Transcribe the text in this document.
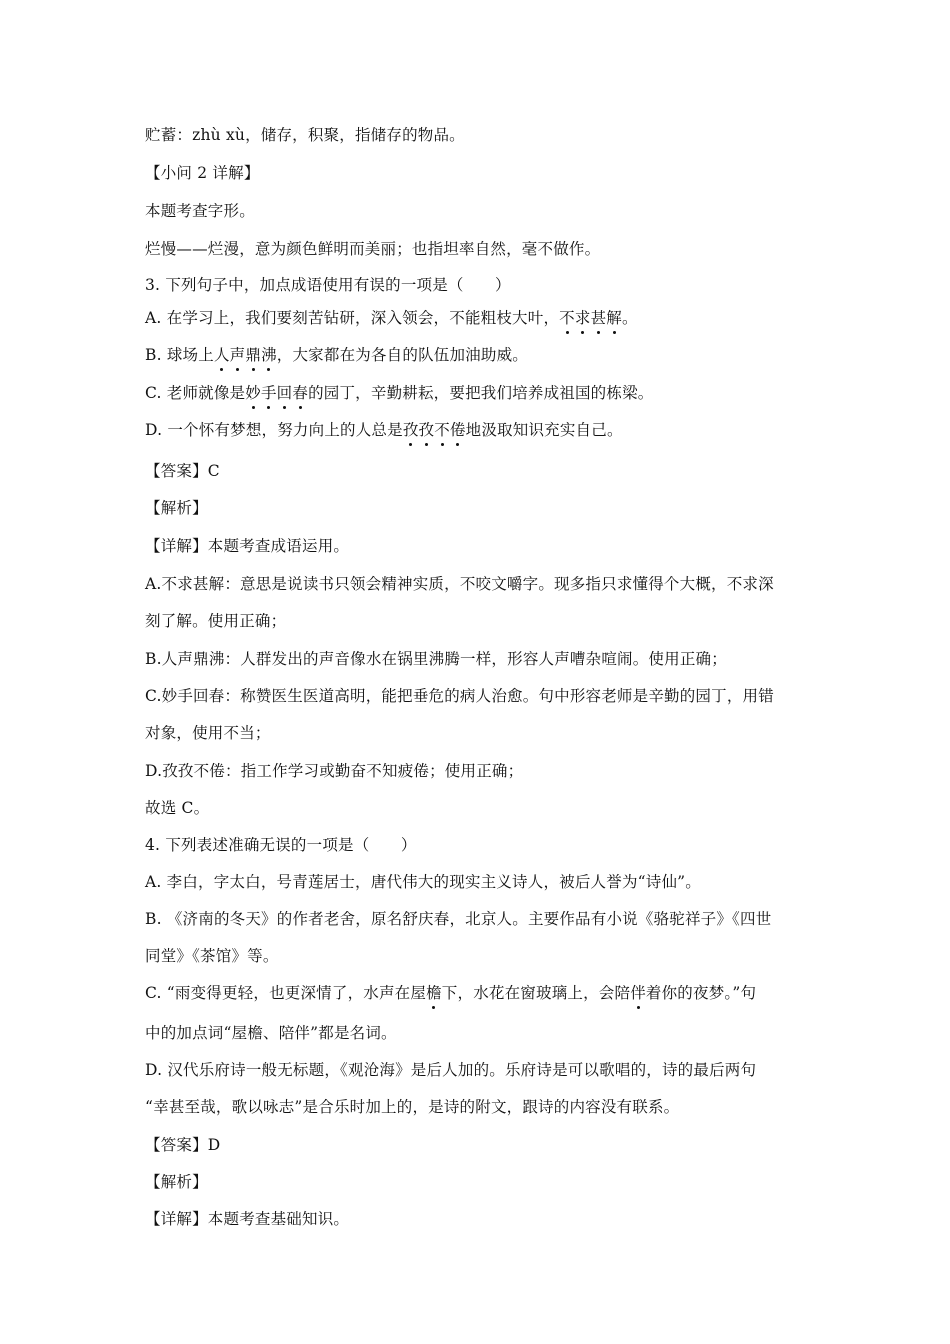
贮蓄：zhù xù，储存，积聚，指储存的物品。
【小问 2 详解】
本题考查字形。
烂慢——烂漫，意为颜色鲜明而美丽；也指坦率自然，毫不做作。
3. 下列句子中，加点成语使用有误的一项是（　　）
A. 在学习上，我们要刻苦钻研，深入领会，不能粗枝大叶，不求甚解。
B. 球场上人声鼎沸，大家都在为各自的队伍加油助威。
C. 老师就像是妙手回春的园丁，辛勤耕耘，要把我们培养成祖国的栋梁。
D. 一个怀有梦想，努力向上的人总是孜孜不倦地汲取知识充实自己。
【答案】C
【解析】
【详解】本题考查成语运用。
A.不求甚解：意思是说读书只领会精神实质，不咬文嚼字。现多指只求懂得个大概，不求深
刻了解。使用正确；
B.人声鼎沸：人群发出的声音像水在锅里沸腾一样，形容人声嘈杂喧闹。使用正确；
C.妙手回春：称赞医生医道高明，能把垂危的病人治愈。句中形容老师是辛勤的园丁，用错
对象，使用不当；
D.孜孜不倦：指工作学习或勤奋不知疲倦；使用正确；
故选 C。
4. 下列表述准确无误的一项是（　　）
A. 李白，字太白，号青莲居士，唐代伟大的现实主义诗人，被后人誉为“诗仙”。
B. 《济南的冬天》的作者老舍，原名舒庆春，北京人。主要作品有小说《骆驼祥子》《四世
同堂》《茶馆》等。
C. “雨变得更轻，也更深情了，水声在屋檐下，水花在窗玻璃上，会陪伴着你的夜梦。”句
中的加点词“屋檐、陪伴”都是名词。
D. 汉代乐府诗一般无标题，《观沧海》是后人加的。乐府诗是可以歌唱的，诗的最后两句
“幸甚至哉，歌以咏志”是合乐时加上的，是诗的附文，跟诗的内容没有联系。
【答案】D
【解析】
【详解】本题考查基础知识。
